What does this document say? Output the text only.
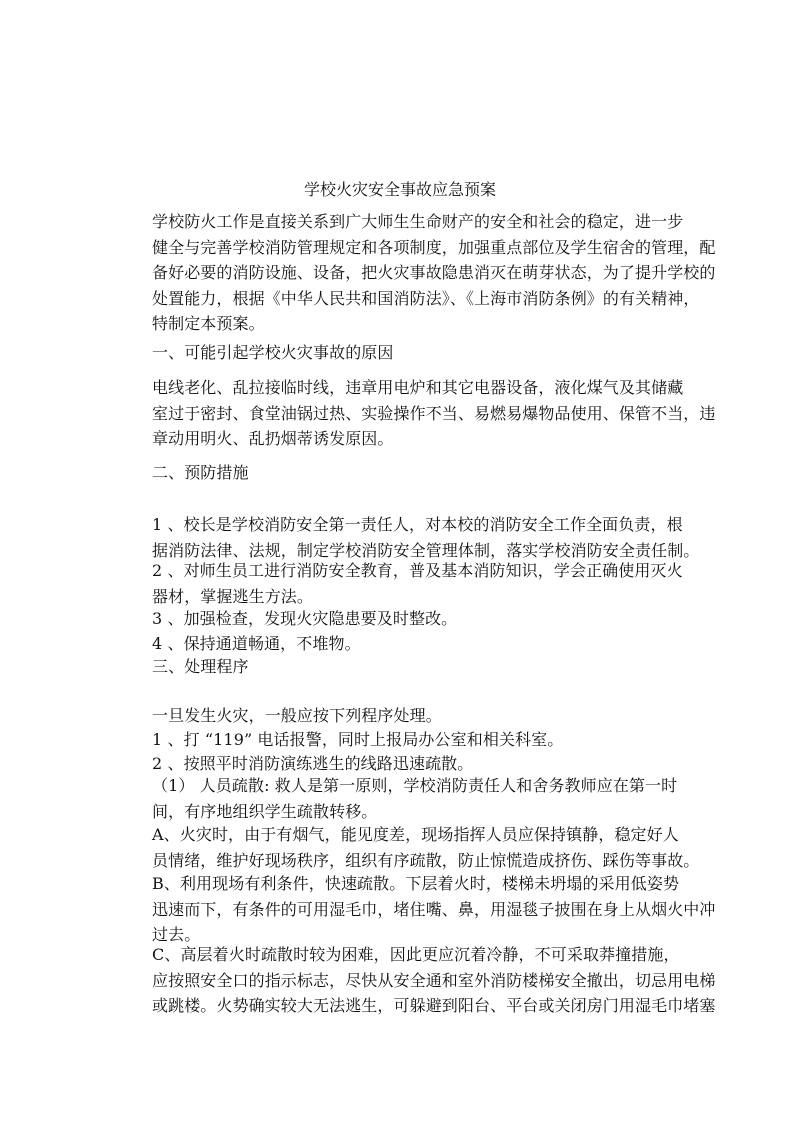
学校火灾安全事故应急预案
学校防火工作是直接关系到广大师生生命财产的安全和社会的稳定，进一步
健全与完善学校消防管理规定和各项制度，加强重点部位及学生宿舍的管理，配
备好必要的消防设施、设备，把火灾事故隐患消灭在萌芽状态，为了提升学校的
处置能力，根据《中华人民共和国消防法》、《上海市消防条例》的有关精神，
特制定本预案。
一、可能引起学校火灾事故的原因
电线老化、乱拉接临时线，违章用电炉和其它电器设备，液化煤气及其储藏
室过于密封、食堂油锅过热、实验操作不当、易燃易爆物品使用、保管不当，违
章动用明火、乱扔烟蒂诱发原因。
二、预防措施
1 、校长是学校消防安全第一责任人，对本校的消防安全工作全面负责，根
据消防法律、法规，制定学校消防安全管理体制，落实学校消防安全责任制。
2 、对师生员工进行消防安全教育，普及基本消防知识，学会正确使用灭火
器材，掌握逃生方法。
3 、加强检查，发现火灾隐患要及时整改。
4 、保持通道畅通，不堆物。
三、处理程序
一旦发生火灾，一般应按下列程序处理。
1 、打 “119” 电话报警，同时上报局办公室和相关科室。
2 、按照平时消防演练逃生的线路迅速疏散。
（1） 人员疏散: 救人是第一原则，学校消防责任人和舍务教师应在第一时
间，有序地组织学生疏散转移。
A、火灾时，由于有烟气，能见度差，现场指挥人员应保持镇静，稳定好人
员情绪，维护好现场秩序，组织有序疏散，防止惊慌造成挤伤、踩伤等事故。
B、利用现场有利条件，快速疏散。下层着火时，楼梯未坍塌的采用低姿势
迅速而下，有条件的可用湿毛巾，堵住嘴、鼻，用湿毯子披围在身上从烟火中冲
过去。
C、高层着火时疏散时较为困难，因此更应沉着冷静，不可采取莽撞措施，
应按照安全口的指示标志，尽快从安全通和室外消防楼梯安全撤出，切忌用电梯
或跳楼。火势确实较大无法逃生，可躲避到阳台、平台或关闭房门用湿毛巾堵塞
